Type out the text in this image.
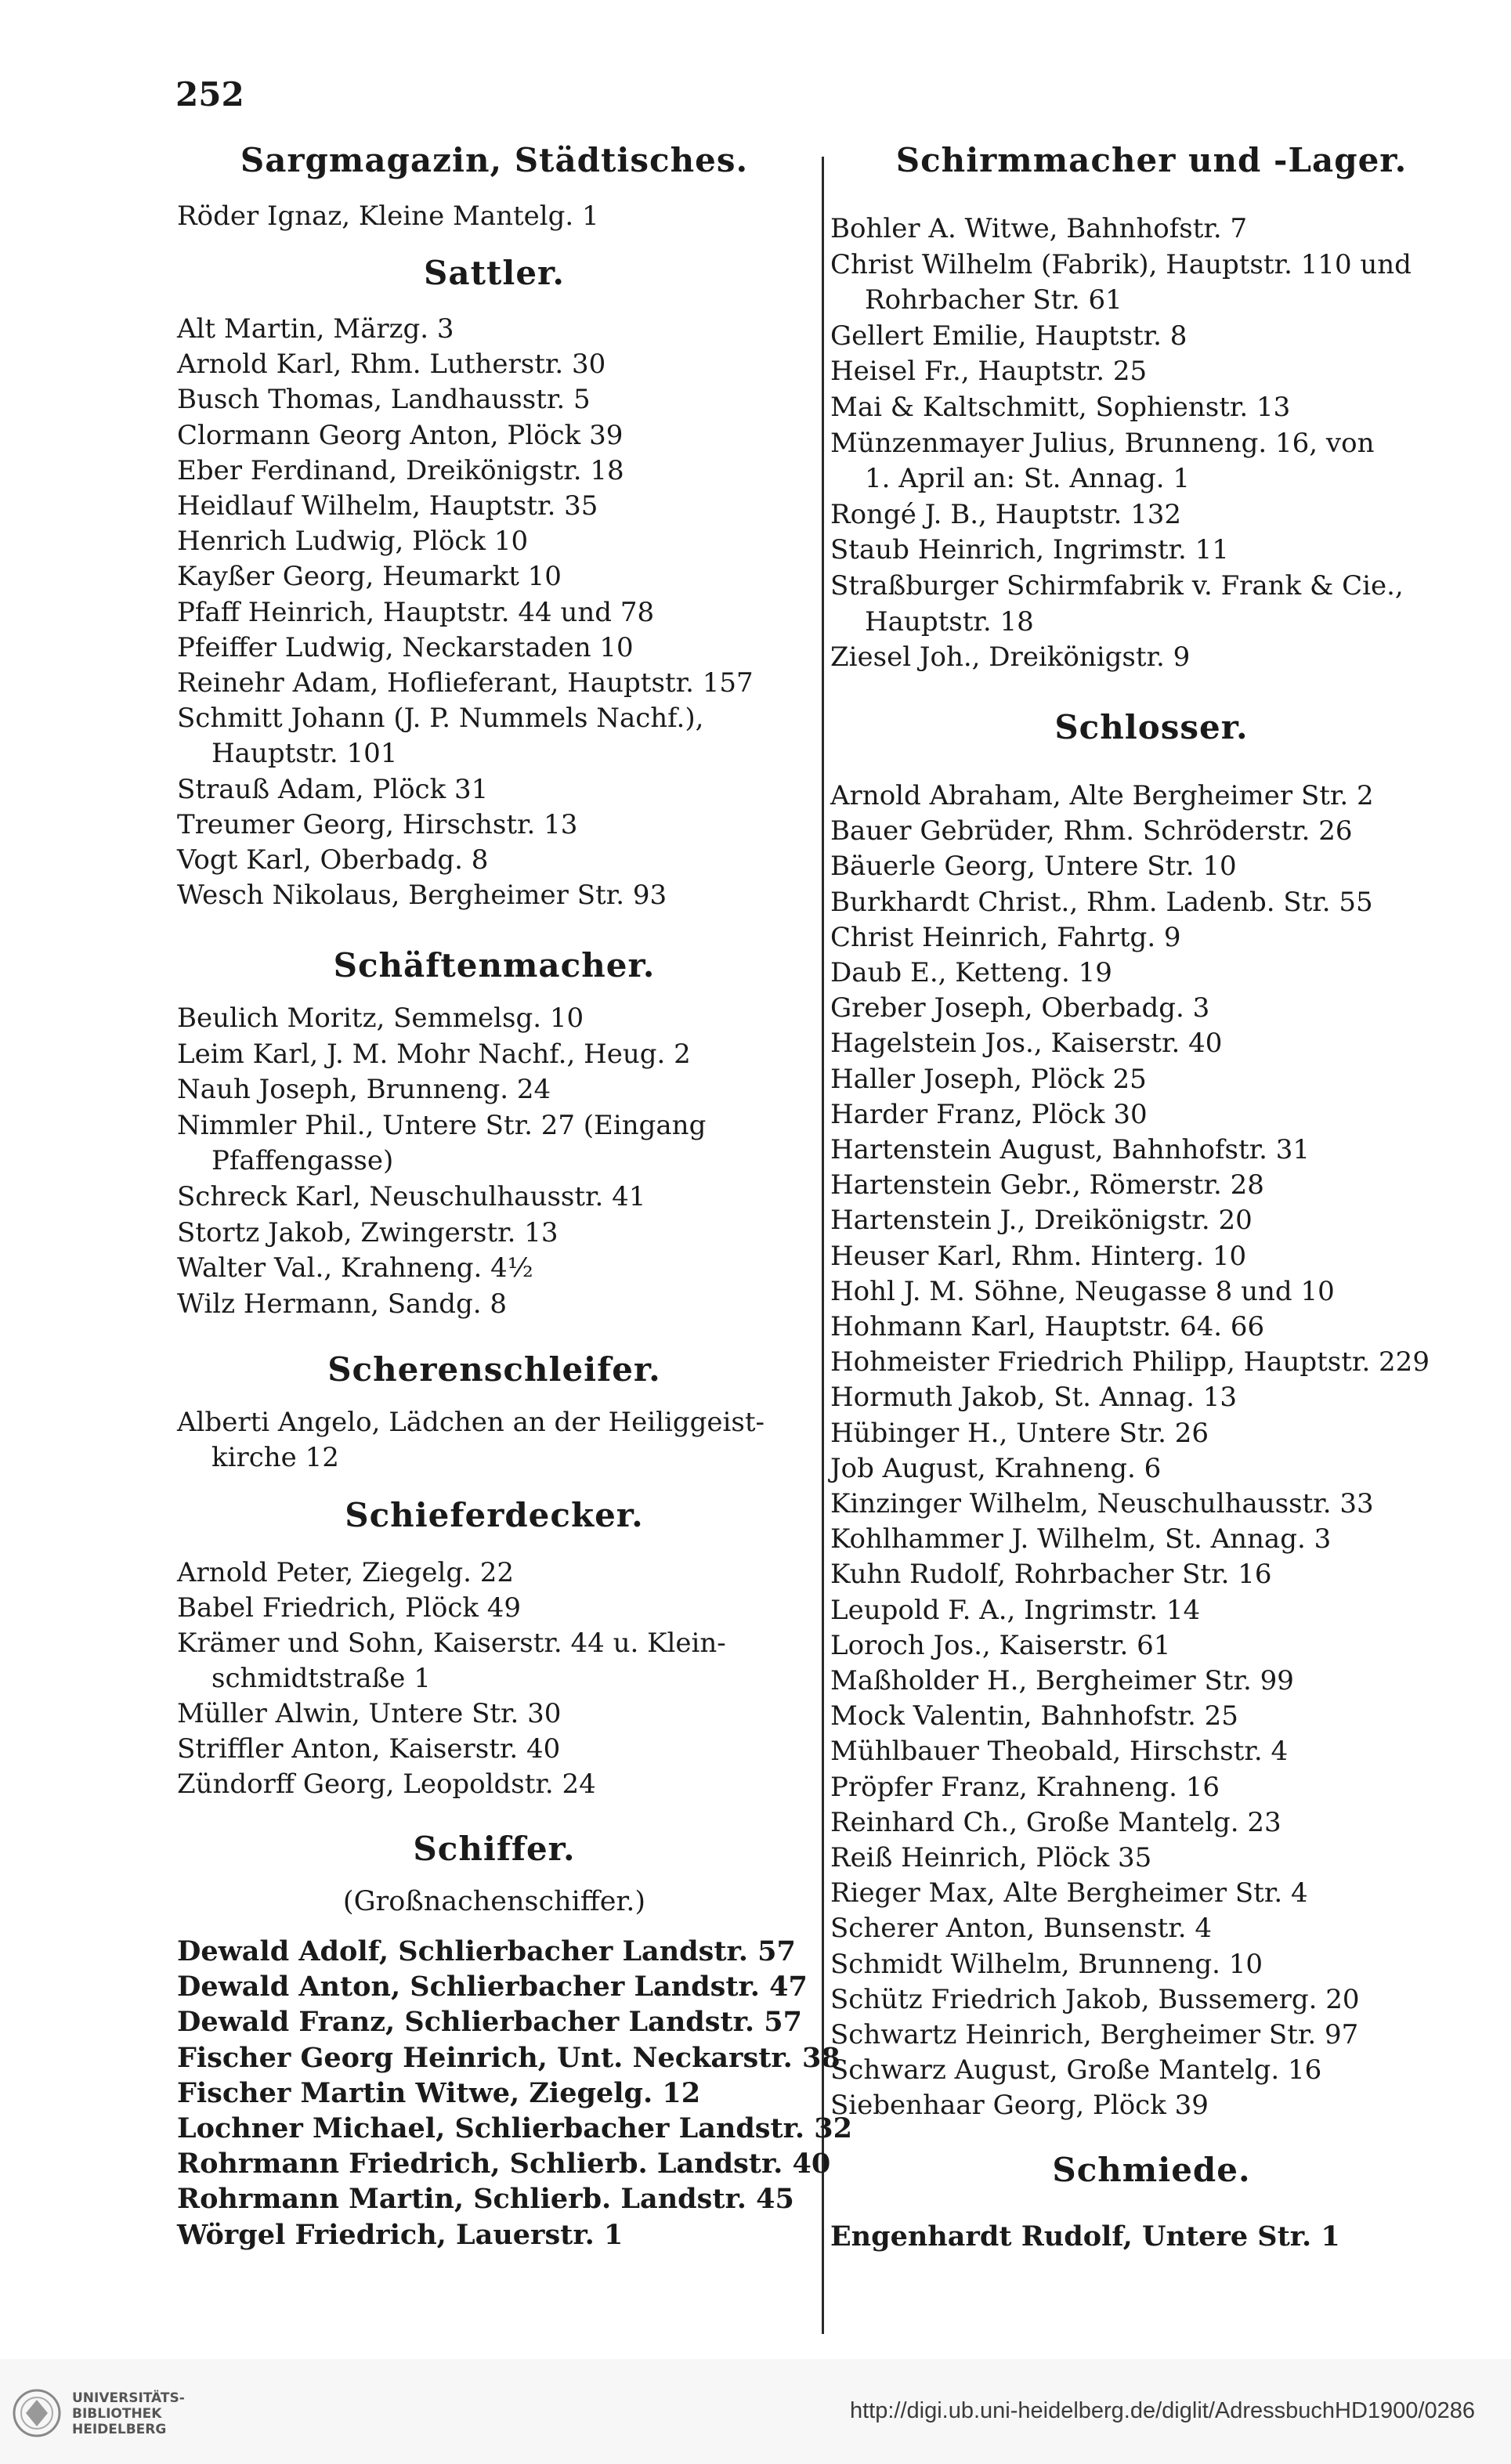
252
Sargmagazin, Städtisches.
Röder Ignaz, Kleine Mantelg. 1
Sattler.
Alt Martin, Märzg. 3
Arnold Karl, Rhm. Lutherstr. 30
Busch Thomas, Landhausstr. 5
Clormann Georg Anton, Plöck 39
Eber Ferdinand, Dreikönigstr. 18
Heidlauf Wilhelm, Hauptstr. 35
Henrich Ludwig, Plöck 10
Kayßer Georg, Heumarkt 10
Pfaff Heinrich, Hauptstr. 44 und 78
Pfeiffer Ludwig, Neckarstaden 10
Reinehr Adam, Hoflieferant, Hauptstr. 157
Schmitt Johann (J. P. Nummels Nachf.),
Hauptstr. 101
Strauß Adam, Plöck 31
Treumer Georg, Hirschstr. 13
Vogt Karl, Oberbadg. 8
Wesch Nikolaus, Bergheimer Str. 93
Schäftenmacher.
Beulich Moritz, Semmelsg. 10
Leim Karl, J. M. Mohr Nachf., Heug. 2
Nauh Joseph, Brunneng. 24
Nimmler Phil., Untere Str. 27 (Eingang
Pfaffengasse)
Schreck Karl, Neuschulhausstr. 41
Stortz Jakob, Zwingerstr. 13
Walter Val., Krahneng. 4½
Wilz Hermann, Sandg. 8
Scherenschleifer.
Alberti Angelo, Lädchen an der Heiliggeist-
kirche 12
Schieferdecker.
Arnold Peter, Ziegelg. 22
Babel Friedrich, Plöck 49
Krämer und Sohn, Kaiserstr. 44 u. Klein-
schmidtstraße 1
Müller Alwin, Untere Str. 30
Striffler Anton, Kaiserstr. 40
Zündorff Georg, Leopoldstr. 24
Schiffer.
(Großnachenschiffer.)
Dewald Adolf, Schlierbacher Landstr. 57
Dewald Anton, Schlierbacher Landstr. 47
Dewald Franz, Schlierbacher Landstr. 57
Fischer Georg Heinrich, Unt. Neckarstr. 38
Fischer Martin Witwe, Ziegelg. 12
Lochner Michael, Schlierbacher Landstr. 32
Rohrmann Friedrich, Schlierb. Landstr. 40
Rohrmann Martin, Schlierb. Landstr. 45
Wörgel Friedrich, Lauerstr. 1
Schirmmacher und -Lager.
Bohler A. Witwe, Bahnhofstr. 7
Christ Wilhelm (Fabrik), Hauptstr. 110 und
Rohrbacher Str. 61
Gellert Emilie, Hauptstr. 8
Heisel Fr., Hauptstr. 25
Mai & Kaltschmitt, Sophienstr. 13
Münzenmayer Julius, Brunneng. 16, von
1. April an: St. Annag. 1
Rongé J. B., Hauptstr. 132
Staub Heinrich, Ingrimstr. 11
Straßburger Schirmfabrik v. Frank & Cie.,
Hauptstr. 18
Ziesel Joh., Dreikönigstr. 9
Schlosser.
Arnold Abraham, Alte Bergheimer Str. 2
Bauer Gebrüder, Rhm. Schröderstr. 26
Bäuerle Georg, Untere Str. 10
Burkhardt Christ., Rhm. Ladenb. Str. 55
Christ Heinrich, Fahrtg. 9
Daub E., Ketteng. 19
Greber Joseph, Oberbadg. 3
Hagelstein Jos., Kaiserstr. 40
Haller Joseph, Plöck 25
Harder Franz, Plöck 30
Hartenstein August, Bahnhofstr. 31
Hartenstein Gebr., Römerstr. 28
Hartenstein J., Dreikönigstr. 20
Heuser Karl, Rhm. Hinterg. 10
Hohl J. M. Söhne, Neugasse 8 und 10
Hohmann Karl, Hauptstr. 64. 66
Hohmeister Friedrich Philipp, Hauptstr. 229
Hormuth Jakob, St. Annag. 13
Hübinger H., Untere Str. 26
Job August, Krahneng. 6
Kinzinger Wilhelm, Neuschulhausstr. 33
Kohlhammer J. Wilhelm, St. Annag. 3
Kuhn Rudolf, Rohrbacher Str. 16
Leupold F. A., Ingrimstr. 14
Loroch Jos., Kaiserstr. 61
Maßholder H., Bergheimer Str. 99
Mock Valentin, Bahnhofstr. 25
Mühlbauer Theobald, Hirschstr. 4
Pröpfer Franz, Krahneng. 16
Reinhard Ch., Große Mantelg. 23
Reiß Heinrich, Plöck 35
Rieger Max, Alte Bergheimer Str. 4
Scherer Anton, Bunsenstr. 4
Schmidt Wilhelm, Brunneng. 10
Schütz Friedrich Jakob, Bussemerg. 20
Schwartz Heinrich, Bergheimer Str. 97
Schwarz August, Große Mantelg. 16
Siebenhaar Georg, Plöck 39
Schmiede.
Engenhardt Rudolf, Untere Str. 1
UNIVERSITÄTS-
BIBLIOTHEK
HEIDELBERG
http://digi.ub.uni-heidelberg.de/diglit/AdressbuchHD1900/0286
